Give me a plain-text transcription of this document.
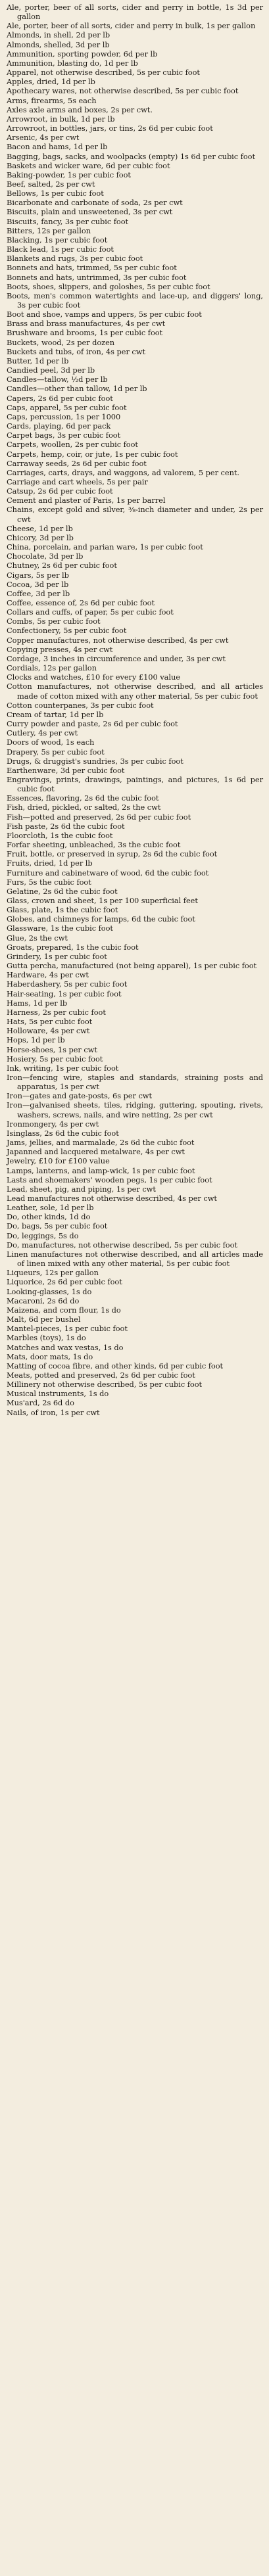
Ale, porter, beer of all sorts, cider and perry in bottle, 1s 3d per gallon
Ale, porter, beer of all sorts, cider and perry in bulk, 1s per gallon
Almonds, in shell, 2d per lb
Almonds, shelled, 3d per lb
Ammunition, sporting powder, 6d per lb
Ammunition, blasting do, 1d per lb
Apparel, not otherwise described, 5s per cubic foot
Apples, dried, 1d per lb
Apothecary wares, not otherwise described, 5s per cubic foot
Arms, firearms, 5s each
Axles axle arms and boxes, 2s per cwt.
Arrowroot, in bulk, 1d per lb
Arrowroot, in bottles, jars, or tins, 2s 6d per cubic foot
Arsenic, 4s per cwt
Bacon and hams, 1d per lb
Bagging, bags, sacks, and woolpacks (empty) 1s 6d per cubic foot
Baskets and wicker ware, 6d per cubic foot
Baking-powder, 1s per cubic foot
Beef, salted, 2s per cwt
Bellows, 1s per cubic foot
Bicarbonate and carbonate of soda, 2s per cwt
Biscuits, plain and unsweetened, 3s per cwt
Biscuits, fancy, 3s per cubic foot
Bitters, 12s per gallon
Blacking, 1s per cubic foot
Black lead, 1s per cubic foot
Blankets and rugs, 3s per cubic foot
Bonnets and hats, trimmed, 5s per cubic foot
Bonnets and hats, untrimmed, 3s per cubic foot
Boots, shoes, slippers, and goloshes, 5s per cubic foot
Boots, men's common watertights and lace-up, and diggers' long, 3s per cubic foot
Boot and shoe, vamps and uppers, 5s per cubic foot
Brass and brass manufactures, 4s per cwt
Brushware and brooms, 1s per cubic foot
Buckets, wood, 2s per dozen
Buckets and tubs, of iron, 4s per cwt
Butter, 1d per lb
Candied peel, 3d per lb
Candles—tallow, ½d per lb
Candles—other than tallow, 1d per lb
Capers, 2s 6d per cubic foot
Caps, apparel, 5s per cubic foot
Caps, percussion, 1s per 1000
Cards, playing, 6d per pack
Carpet bags, 3s per cubic foot
Carpets, woollen, 2s per cubic foot
Carpets, hemp, coir, or jute, 1s per cubic foot
Carraway seeds, 2s 6d per cubic foot
Carriages, carts, drays, and waggons, ad valorem, 5 per cent.
Carriage and cart wheels, 5s per pair
Catsup, 2s 6d per cubic foot
Cement and plaster of Paris, 1s per barrel
Chains, except gold and silver, ⅜-inch diameter and under, 2s per cwt
Cheese, 1d per lb
Chicory, 3d per lb
China, porcelain, and parian ware, 1s per cubic foot
Chocolate, 3d per lb
Chutney, 2s 6d per cubic foot
Cigars, 5s per lb
Cocoa, 3d per lb
Coffee, 3d per lb
Coffee, essence of, 2s 6d per cubic foot
Collars and cuffs, of paper, 5s per cubic foot
Combs, 5s per cubic foot
Confectionery, 5s per cubic foot
Copper manufactures, not otherwise described, 4s per cwt
Copying presses, 4s per cwt
Cordage, 3 inches in circumference and under, 3s per cwt
Cordials, 12s per gallon
Clocks and watches, £10 for every £100 value
Cotton manufactures, not otherwise described, and all articles made of cotton mixed with any other material, 5s per cubic foot
Cotton counterpanes, 3s per cubic foot
Cream of tartar, 1d per lb
Curry powder and paste, 2s 6d per cubic foot
Cutlery, 4s per cwt
Doors of wood, 1s each
Drapery, 5s per cubic foot
Drugs, & druggist's sundries, 3s per cubic foot
Earthenware, 3d per cubic foot
Engravings, prints, drawings, paintings, and pictures, 1s 6d per cubic foot
Essences, flavoring, 2s 6d the cubic foot
Fish, dried, pickled, or salted, 2s the cwt
Fish—potted and preserved, 2s 6d per cubic foot
Fish paste, 2s 6d the cubic foot
Floorcloth, 1s the cubic foot
Forfar sheeting, unbleached, 3s the cubic foot
Fruit, bottle, or preserved in syrup, 2s 6d the cubic foot
Fruits, dried, 1d per lb
Furniture and cabinetware of wood, 6d the cubic foot
Furs, 5s the cubic foot
Gelatine, 2s 6d the cubic foot
Glass, crown and sheet, 1s per 100 superficial feet
Glass, plate, 1s the cubic foot
Globes, and chimneys for lamps, 6d the cubic foot
Glassware, 1s the cubic foot
Glue, 2s the cwt
Groats, prepared, 1s the cubic foot
Grindery, 1s per cubic foot
Gutta percha, manufactured (not being apparel), 1s per cubic foot
Hardware, 4s per cwt
Haberdashery, 5s per cubic foot
Hair-seating, 1s per cubic foot
Hams, 1d per lb
Harness, 2s per cubic foot
Hats, 5s per cubic foot
Holloware, 4s per cwt
Hops, 1d per lb
Horse-shoes, 1s per cwt
Hosiery, 5s per cubic foot
Ink, writing, 1s per cubic foot
Iron—fencing wire, staples and standards, straining posts and apparatus, 1s per cwt
Iron—gates and gate-posts, 6s per cwt
Iron—galvanised sheets, tiles, ridging, guttering, spouting, rivets, washers, screws, nails, and wire netting, 2s per cwt
Ironmongery, 4s per cwt
Isinglass, 2s 6d the cubic foot
Jams, jellies, and marmalade, 2s 6d the cubic foot
Japanned and lacquered metalware, 4s per cwt
Jewelry, £10 for £100 value
Lamps, lanterns, and lamp-wick, 1s per cubic foot
Lasts and shoemakers' wooden pegs, 1s per cubic foot
Lead, sheet, pig, and piping, 1s per cwt
Lead manufactures not otherwise described, 4s per cwt
Leather, sole, 1d per lb
Do, other kinds, 1d do
Do, bags, 5s per cubic foot
Do, leggings, 5s do
Do, manufactures, not otherwise described, 5s per cubic foot
Linen manufactures not otherwise described, and all articles made of linen mixed with any other material, 5s per cubic foot
Liqueurs, 12s per gallon
Liquorice, 2s 6d per cubic foot
Looking-glasses, 1s do
Macaroni, 2s 6d do
Maizena, and corn flour, 1s do
Malt, 6d per bushel
Mantel-pieces, 1s per cubic foot
Marbles (toys), 1s do
Matches and wax vestas, 1s do
Mats, door mats, 1s do
Matting of cocoa fibre, and other kinds, 6d per cubic foot
Meats, potted and preserved, 2s 6d per cubic foot
Millinery not otherwise described, 5s per cubic foot
Musical instruments, 1s do
Mus'ard, 2s 6d do
Nails, of iron, 1s per cwt
